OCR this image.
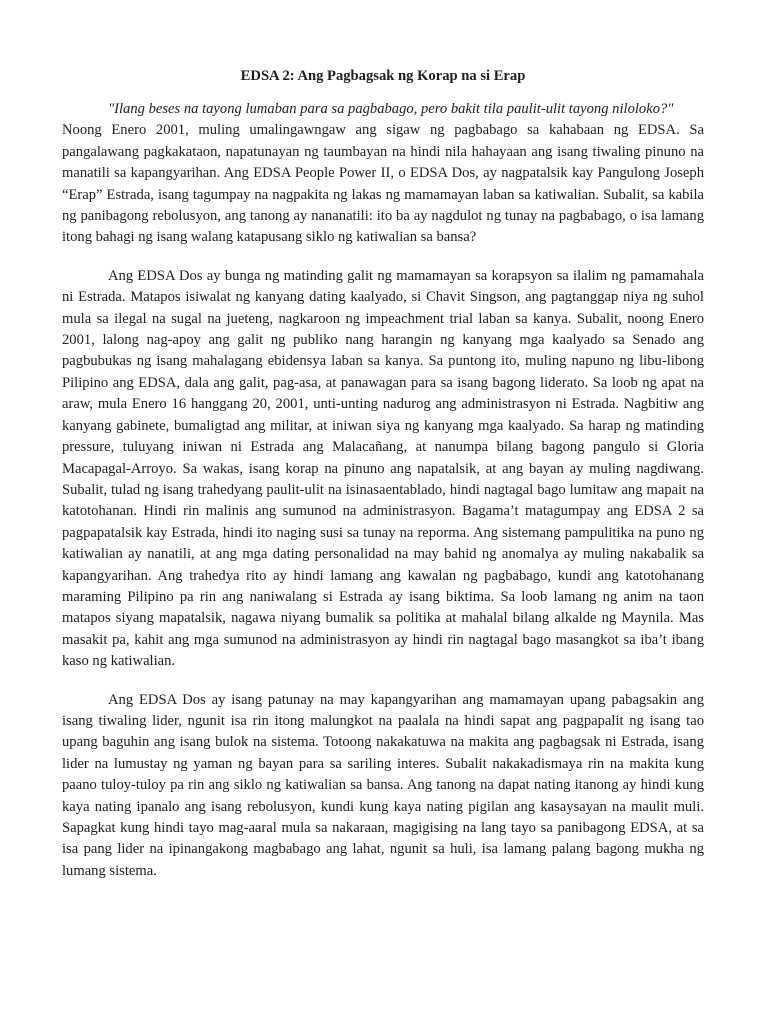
EDSA 2: Ang Pagbagsak ng Korap na si Erap

"Ilang beses na tayong lumaban para sa pagbabago, pero bakit tila paulit-ulit tayong niloloko?"

Noong Enero 2001, muling umalingawngaw ang sigaw ng pagbabago sa kahabaan ng EDSA. Sa pangalawang pagkakataon, napatunayan ng taumbayan na hindi nila hahayaan ang isang tiwaling pinuno na manatili sa kapangyarihan. Ang EDSA People Power II, o EDSA Dos, ay nagpatalsik kay Pangulong Joseph “Erap” Estrada, isang tagumpay na nagpakita ng lakas ng mamamayan laban sa katiwalian. Subalit, sa kabila ng panibagong rebolusyon, ang tanong ay nananatili: ito ba ay nagdulot ng tunay na pagbabago, o isa lamang itong bahagi ng isang walang katapusang siklo ng katiwalian sa bansa?

Ang EDSA Dos ay bunga ng matinding galit ng mamamayan sa korapsyon sa ilalim ng pamamahala ni Estrada. Matapos isiwalat ng kanyang dating kaalyado, si Chavit Singson, ang pagtanggap niya ng suhol mula sa ilegal na sugal na jueteng, nagkaroon ng impeachment trial laban sa kanya. Subalit, noong Enero 2001, lalong nag-apoy ang galit ng publiko nang harangin ng kanyang mga kaalyado sa Senado ang pagbubukas ng isang mahalagang ebidensya laban sa kanya. Sa puntong ito, muling napuno ng libu-libong Pilipino ang EDSA, dala ang galit, pag-asa, at panawagan para sa isang bagong liderato. Sa loob ng apat na araw, mula Enero 16 hanggang 20, 2001, unti-unting nadurog ang administrasyon ni Estrada. Nagbitiw ang kanyang gabinete, bumaligtad ang militar, at iniwan siya ng kanyang mga kaalyado. Sa harap ng matinding pressure, tuluyang iniwan ni Estrada ang Malacañang, at nanumpa bilang bagong pangulo si Gloria Macapagal-Arroyo. Sa wakas, isang korap na pinuno ang napatalsik, at ang bayan ay muling nagdiwang. Subalit, tulad ng isang trahedyang paulit-ulit na isinasaentablado, hindi nagtagal bago lumitaw ang mapait na katotohanan. Hindi rin malinis ang sumunod na administrasyon. Bagama’t matagumpay ang EDSA 2 sa pagpapatalsik kay Estrada, hindi ito naging susi sa tunay na reporma. Ang sistemang pampulitika na puno ng katiwalian ay nanatili, at ang mga dating personalidad na may bahid ng anomalya ay muling nakabalik sa kapangyarihan. Ang trahedya rito ay hindi lamang ang kawalan ng pagbabago, kundi ang katotohanang maraming Pilipino pa rin ang naniwalang si Estrada ay isang biktima. Sa loob lamang ng anim na taon matapos siyang mapatalsik, nagawa niyang bumalik sa politika at mahalal bilang alkalde ng Maynila. Mas masakit pa, kahit ang mga sumunod na administrasyon ay hindi rin nagtagal bago masangkot sa iba’t ibang kaso ng katiwalian.

Ang EDSA Dos ay isang patunay na may kapangyarihan ang mamamayan upang pabagsakin ang isang tiwaling lider, ngunit isa rin itong malungkot na paalala na hindi sapat ang pagpapalit ng isang tao upang baguhin ang isang bulok na sistema. Totoong nakakatuwa na makita ang pagbagsak ni Estrada, isang lider na lumustay ng yaman ng bayan para sa sariling interes. Subalit nakakadismaya rin na makita kung paano tuloy-tuloy pa rin ang siklo ng katiwalian sa bansa. Ang tanong na dapat nating itanong ay hindi kung kaya nating ipanalo ang isang rebolusyon, kundi kung kaya nating pigilan ang kasaysayan na maulit muli. Sapagkat kung hindi tayo mag-aaral mula sa nakaraan, magigising na lang tayo sa panibagong EDSA, at sa isa pang lider na ipinangakong magbabago ang lahat, ngunit sa huli, isa lamang palang bagong mukha ng lumang sistema.
